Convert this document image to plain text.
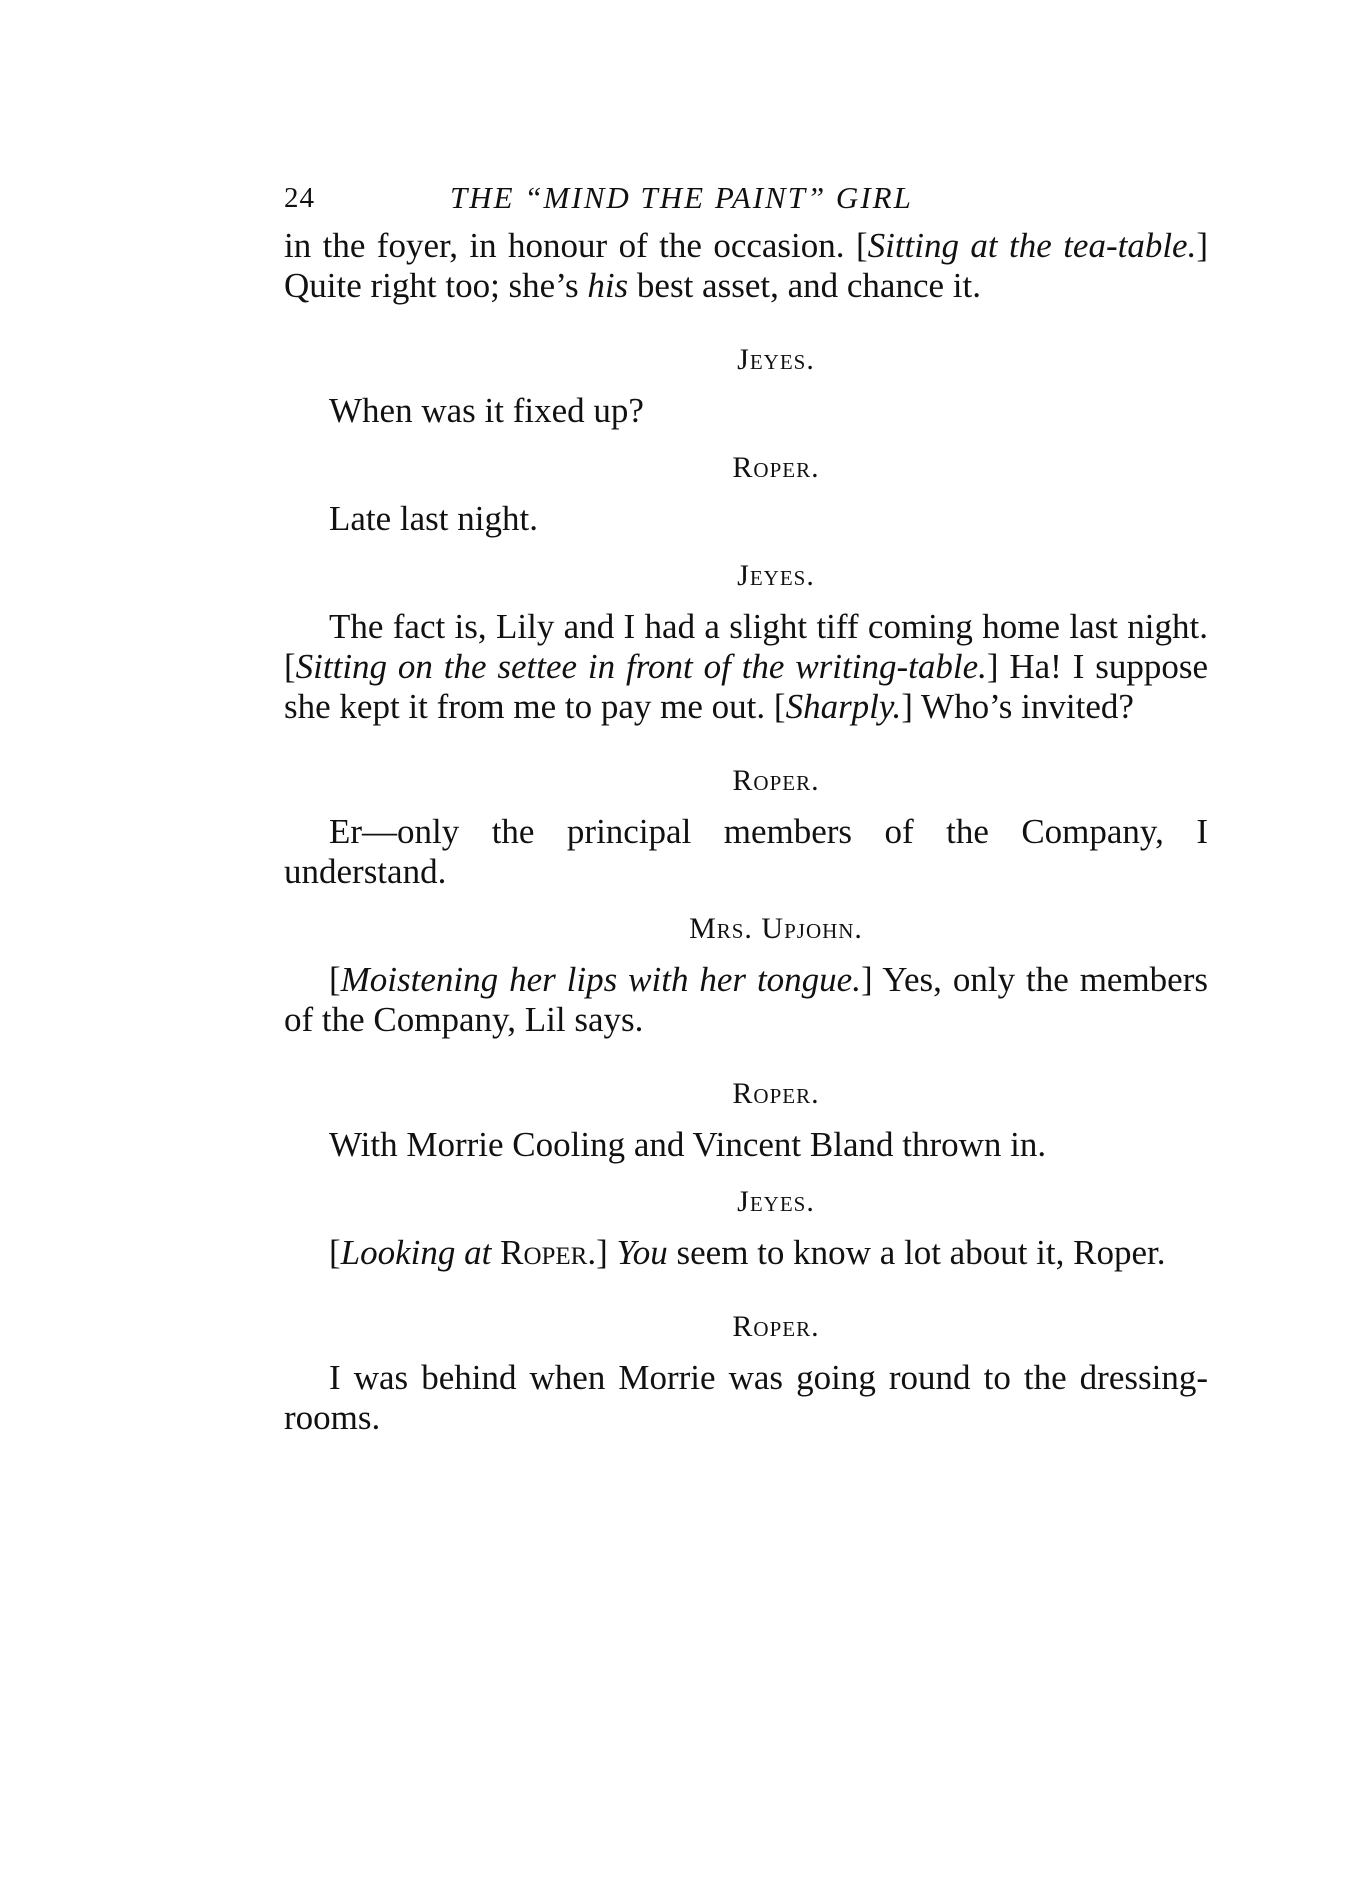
24	THE “MIND THE PAINT” GIRL

in the foyer, in honour of the occasion. [Sitting at the tea-table.] Quite right too; she’s his best asset, and chance it.

Jeyes.

When was it fixed up?

Roper.

Late last night.

Jeyes.

The fact is, Lily and I had a slight tiff coming home last night. [Sitting on the settee in front of the writing-table.] Ha! I suppose she kept it from me to pay me out. [Sharply.] Who’s invited?

Roper.

Er—only the principal members of the Company, I understand.

Mrs. Upjohn.

[Moistening her lips with her tongue.] Yes, only the members of the Company, Lil says.

Roper.

With Morrie Cooling and Vincent Bland thrown in.

Jeyes.

[Looking at Roper.] You seem to know a lot about it, Roper.

Roper.

I was behind when Morrie was going round to the dressing-rooms.
